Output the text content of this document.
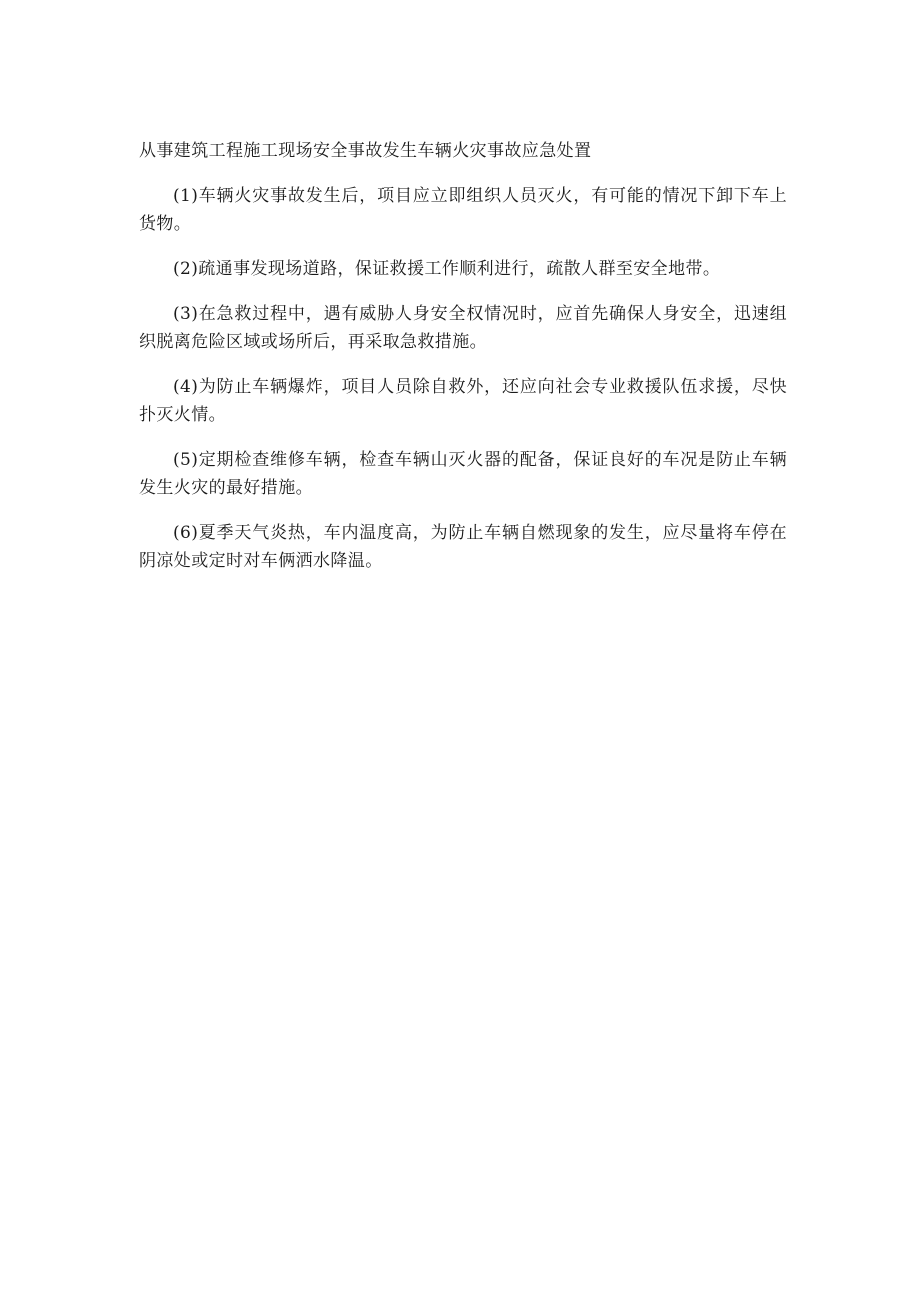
从事建筑工程施工现场安全事故发生车辆火灾事故应急处置

(1)车辆火灾事故发生后，项目应立即组织人员灭火，有可能的情况下卸下车上货物。

(2)疏通事发现场道路，保证救援工作顺利进行，疏散人群至安全地带。

(3)在急救过程中，遇有威胁人身安全权情况时，应首先确保人身安全，迅速组织脱离危险区域或场所后，再采取急救措施。

(4)为防止车辆爆炸，项目人员除自救外，还应向社会专业救援队伍求援，尽快扑灭火情。

(5)定期检查维修车辆，检查车辆山灭火器的配备，保证良好的车况是防止车辆发生火灾的最好措施。

(6)夏季天气炎热，车内温度高，为防止车辆自燃现象的发生，应尽量将车停在阴凉处或定时对车俩洒水降温。
